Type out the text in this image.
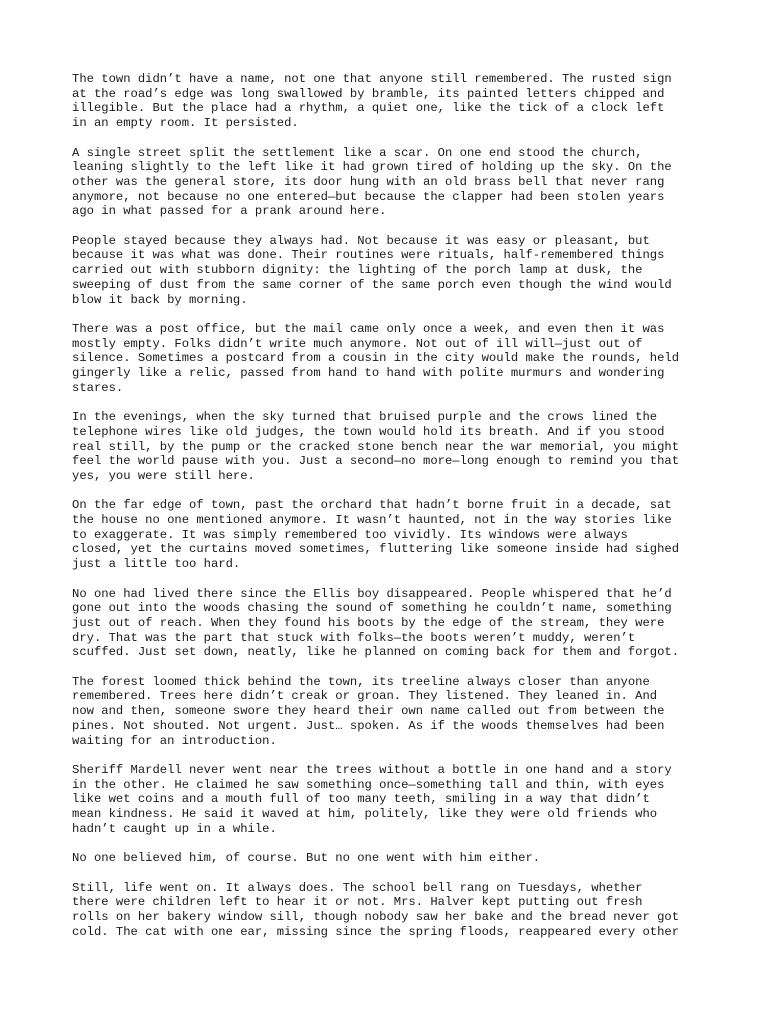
The town didn’t have a name, not one that anyone still remembered. The rusted sign
at the road’s edge was long swallowed by bramble, its painted letters chipped and
illegible. But the place had a rhythm, a quiet one, like the tick of a clock left
in an empty room. It persisted.

A single street split the settlement like a scar. On one end stood the church,
leaning slightly to the left like it had grown tired of holding up the sky. On the
other was the general store, its door hung with an old brass bell that never rang
anymore, not because no one entered—but because the clapper had been stolen years
ago in what passed for a prank around here.

People stayed because they always had. Not because it was easy or pleasant, but
because it was what was done. Their routines were rituals, half-remembered things
carried out with stubborn dignity: the lighting of the porch lamp at dusk, the
sweeping of dust from the same corner of the same porch even though the wind would
blow it back by morning.

There was a post office, but the mail came only once a week, and even then it was
mostly empty. Folks didn’t write much anymore. Not out of ill will—just out of
silence. Sometimes a postcard from a cousin in the city would make the rounds, held
gingerly like a relic, passed from hand to hand with polite murmurs and wondering
stares.

In the evenings, when the sky turned that bruised purple and the crows lined the
telephone wires like old judges, the town would hold its breath. And if you stood
real still, by the pump or the cracked stone bench near the war memorial, you might
feel the world pause with you. Just a second—no more—long enough to remind you that
yes, you were still here.

On the far edge of town, past the orchard that hadn’t borne fruit in a decade, sat
the house no one mentioned anymore. It wasn’t haunted, not in the way stories like
to exaggerate. It was simply remembered too vividly. Its windows were always
closed, yet the curtains moved sometimes, fluttering like someone inside had sighed
just a little too hard.

No one had lived there since the Ellis boy disappeared. People whispered that he’d
gone out into the woods chasing the sound of something he couldn’t name, something
just out of reach. When they found his boots by the edge of the stream, they were
dry. That was the part that stuck with folks—the boots weren’t muddy, weren’t
scuffed. Just set down, neatly, like he planned on coming back for them and forgot.

The forest loomed thick behind the town, its treeline always closer than anyone
remembered. Trees here didn’t creak or groan. They listened. They leaned in. And
now and then, someone swore they heard their own name called out from between the
pines. Not shouted. Not urgent. Just… spoken. As if the woods themselves had been
waiting for an introduction.

Sheriff Mardell never went near the trees without a bottle in one hand and a story
in the other. He claimed he saw something once—something tall and thin, with eyes
like wet coins and a mouth full of too many teeth, smiling in a way that didn’t
mean kindness. He said it waved at him, politely, like they were old friends who
hadn’t caught up in a while.

No one believed him, of course. But no one went with him either.

Still, life went on. It always does. The school bell rang on Tuesdays, whether
there were children left to hear it or not. Mrs. Halver kept putting out fresh
rolls on her bakery window sill, though nobody saw her bake and the bread never got
cold. The cat with one ear, missing since the spring floods, reappeared every other
